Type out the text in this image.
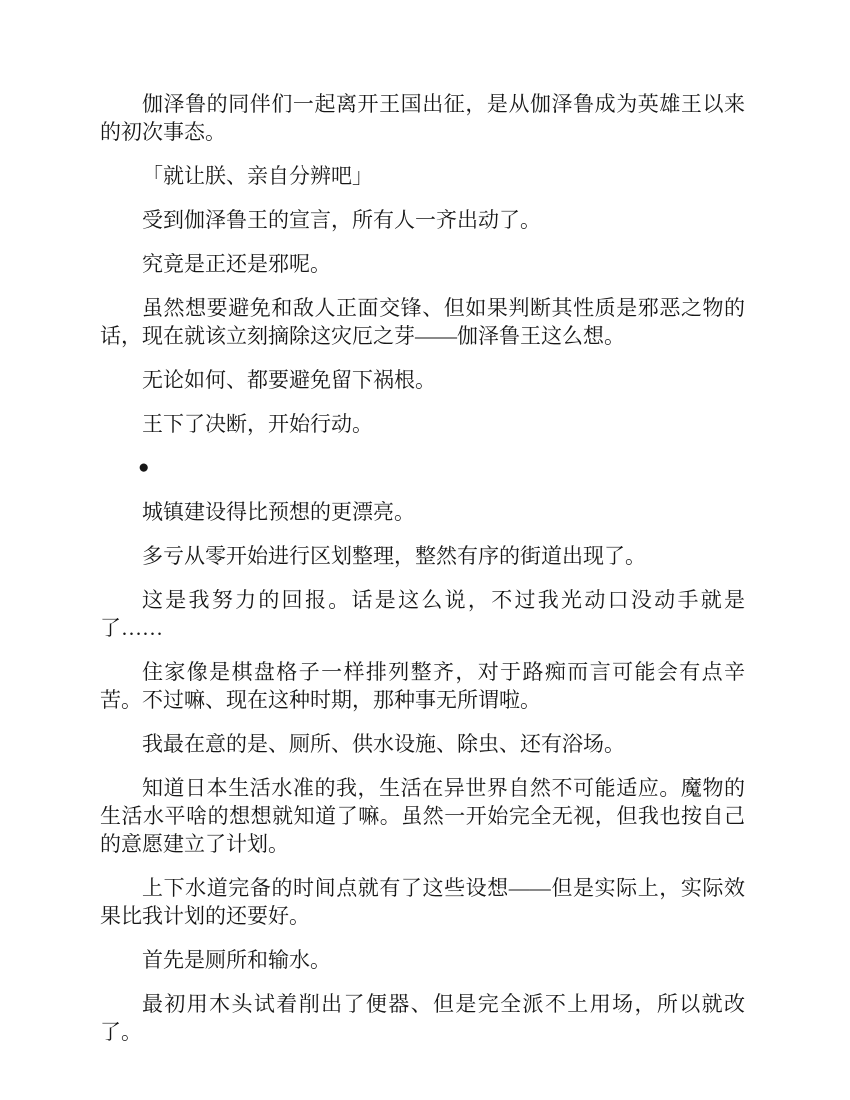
伽泽鲁的同伴们一起离开王国出征，是从伽泽鲁成为英雄王以来的初次事态。

「就让朕、亲自分辨吧」

受到伽泽鲁王的宣言，所有人一齐出动了。

究竟是正还是邪呢。

虽然想要避免和敌人正面交锋、但如果判断其性质是邪恶之物的话，现在就该立刻摘除这灾厄之芽——伽泽鲁王这么想。

无论如何、都要避免留下祸根。

王下了决断，开始行动。

●

城镇建设得比预想的更漂亮。

多亏从零开始进行区划整理，整然有序的街道出现了。

这是我努力的回报。话是这么说，不过我光动口没动手就是了……

住家像是棋盘格子一样排列整齐，对于路痴而言可能会有点辛苦。不过嘛、现在这种时期，那种事无所谓啦。

我最在意的是、厕所、供水设施、除虫、还有浴场。

知道日本生活水准的我，生活在异世界自然不可能适应。魔物的生活水平啥的想想就知道了嘛。虽然一开始完全无视，但我也按自己的意愿建立了计划。

上下水道完备的时间点就有了这些设想——但是实际上，实际效果比我计划的还要好。

首先是厕所和输水。

最初用木头试着削出了便器、但是完全派不上用场，所以就改了。
